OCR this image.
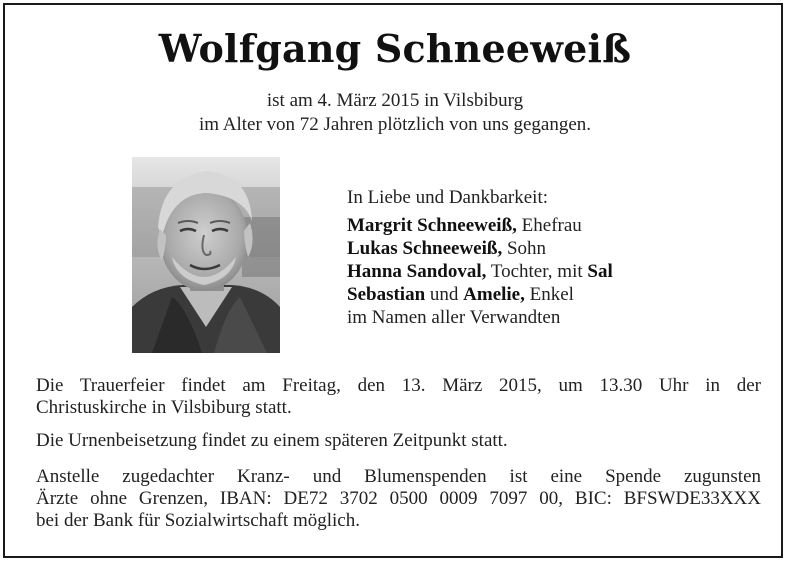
Wolfgang Schneeweiß
ist am 4. März 2015 in Vilsbiburg
im Alter von 72 Jahren plötzlich von uns gegangen.
In Liebe und Dankbarkeit:
Margrit Schneeweiß, Ehefrau
Lukas Schneeweiß, Sohn
Hanna Sandoval, Tochter, mit Sal
Sebastian und Amelie, Enkel
im Namen aller Verwandten
Die Trauerfeier findet am Freitag, den 13. März 2015, um 13.30 Uhr in der
Christuskirche in Vilsbiburg statt.
Die Urnenbeisetzung findet zu einem späteren Zeitpunkt statt.
Anstelle zugedachter Kranz- und Blumenspenden ist eine Spende zugunsten
Ärzte ohne Grenzen, IBAN: DE72 3702 0500 0009 7097 00, BIC: BFSWDE33XXX
bei der Bank für Sozialwirtschaft möglich.
